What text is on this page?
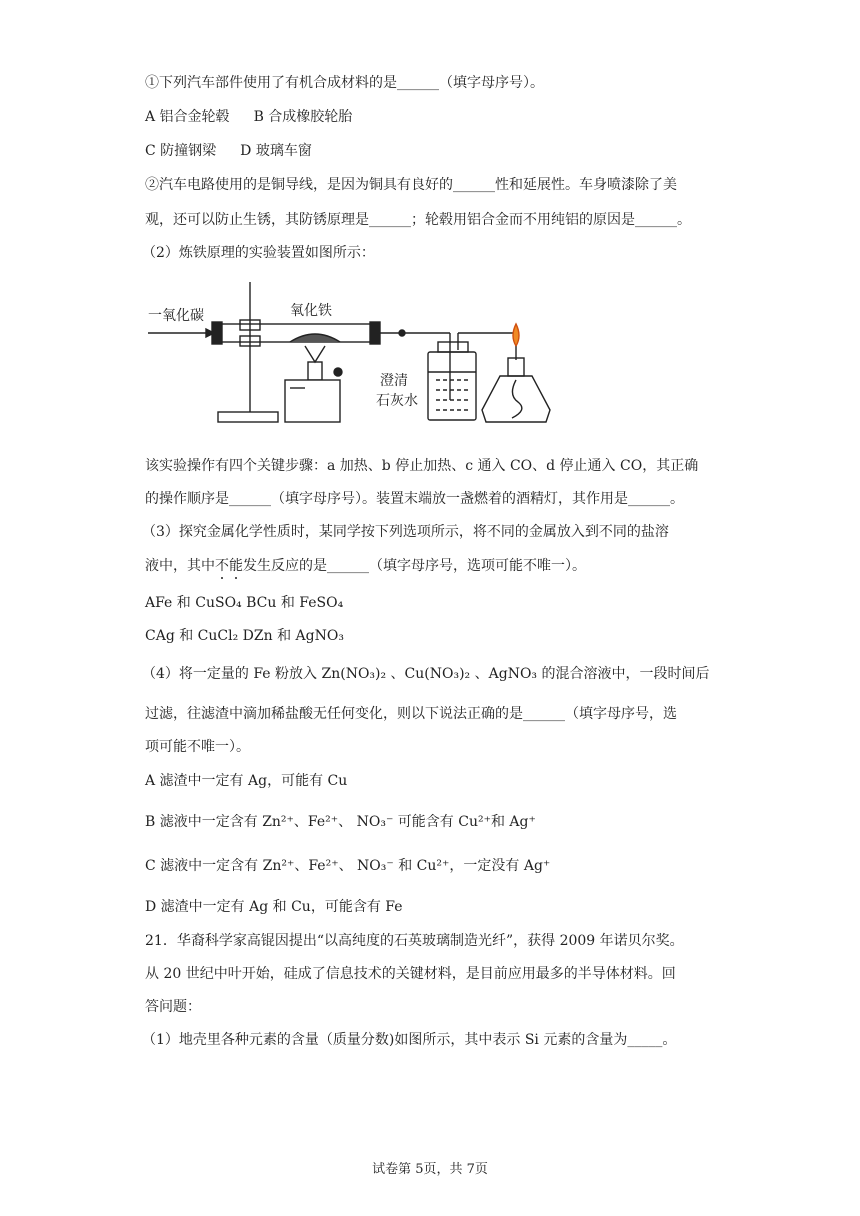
①下列汽车部件使用了有机合成材料的是______（填字母序号）。
A 铝合金轮毂 B 合成橡胶轮胎
C 防撞钢梁 D 玻璃车窗
②汽车电路使用的是铜导线，是因为铜具有良好的______性和延展性。车身喷漆除了美
观，还可以防止生锈，其防锈原理是______；轮毂用铝合金而不用纯铝的原因是______。
（2）炼铁原理的实验装置如图所示：
一氧化碳	氧化铁
澄清
石灰水
该实验操作有四个关键步骤：a 加热、b 停止加热、c 通入 CO、d 停止通入 CO，其正确
的操作顺序是______（填字母序号）。装置末端放一盏燃着的酒精灯，其作用是______。
（3）探究金属化学性质时，某同学按下列选项所示，将不同的金属放入到不同的盐溶
液中，其中不能发生反应的是______（填字母序号，选项可能不唯一）。
AFe 和 CuSO₄ BCu 和 FeSO₄
CAg 和 CuCl₂ DZn 和 AgNO₃
（4）将一定量的 Fe 粉放入 Zn(NO₃)₂ 、Cu(NO₃)₂ 、AgNO₃ 的混合溶液中，一段时间后
过滤，往滤渣中滴加稀盐酸无任何变化，则以下说法正确的是______（填字母序号，选
项可能不唯一）。
A 滤渣中一定有 Ag，可能有 Cu
B 滤液中一定含有 Zn²⁺、Fe²⁺、 NO₃⁻ 可能含有 Cu²⁺和 Ag⁺
C 滤液中一定含有 Zn²⁺、Fe²⁺、 NO₃⁻ 和 Cu²⁺，一定没有 Ag⁺
D 滤渣中一定有 Ag 和 Cu，可能含有 Fe
21．华裔科学家高锟因提出“以高纯度的石英玻璃制造光纤”，获得 2009 年诺贝尔奖。
从 20 世纪中叶开始，硅成了信息技术的关键材料，是目前应用最多的半导体材料。回
答问题：
（1）地壳里各种元素的含量（质量分数)如图所示，其中表示 Si 元素的含量为_____。
试卷第 5页，共 7页
